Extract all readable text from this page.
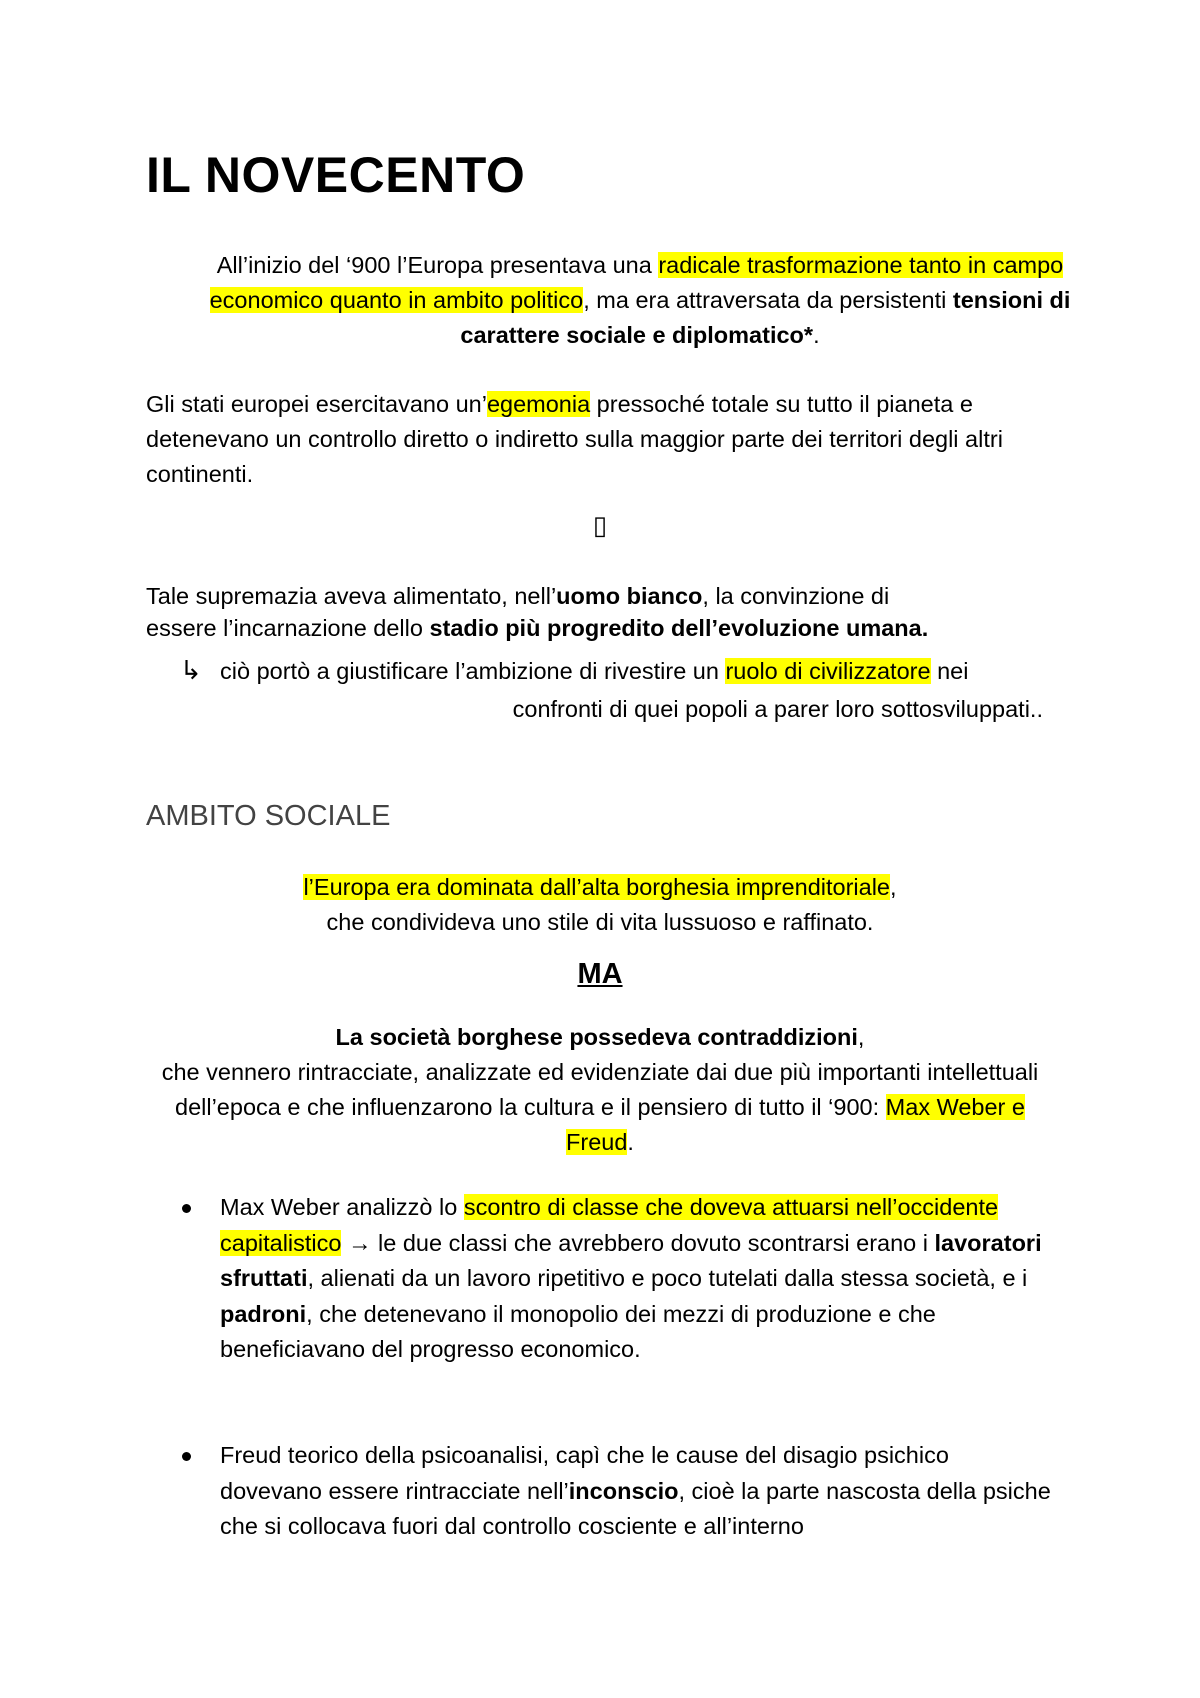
IL NOVECENTO

All’inizio del ‘900 l’Europa presentava una radicale trasformazione tanto in campo economico quanto in ambito politico, ma era attraversata da persistenti tensioni di carattere sociale e diplomatico*.

Gli stati europei esercitavano un’egemonia pressoché totale su tutto il pianeta e detenevano un controllo diretto o indiretto sulla maggior parte dei territori degli altri continenti.

▯

Tale supremazia aveva alimentato, nell’uomo bianco, la convinzione di
essere l’incarnazione dello stadio più progredito dell’evoluzione umana.

↳ ciò portò a giustificare l’ambizione di rivestire un ruolo di civilizzatore nei
confronti di quei popoli a parer loro sottosviluppati..

AMBITO SOCIALE

l’Europa era dominata dall’alta borghesia imprenditoriale,
che condivideva uno stile di vita lussuoso e raffinato.

MA

La società borghese possedeva contraddizioni,
che vennero rintracciate, analizzate ed evidenziate dai due più importanti intellettuali dell’epoca e che influenzarono la cultura e il pensiero di tutto il ‘900: Max Weber e Freud.

Max Weber analizzò lo scontro di classe che doveva attuarsi nell’occidente capitalistico → le due classi che avrebbero dovuto scontrarsi erano i lavoratori sfruttati, alienati da un lavoro ripetitivo e poco tutelati dalla stessa società, e i padroni, che detenevano il monopolio dei mezzi di produzione e che beneficiavano del progresso economico.
Freud teorico della psicoanalisi, capì che le cause del disagio psichico dovevano essere rintracciate nell’inconscio, cioè la parte nascosta della psiche che si collocava fuori dal controllo cosciente e all’interno
